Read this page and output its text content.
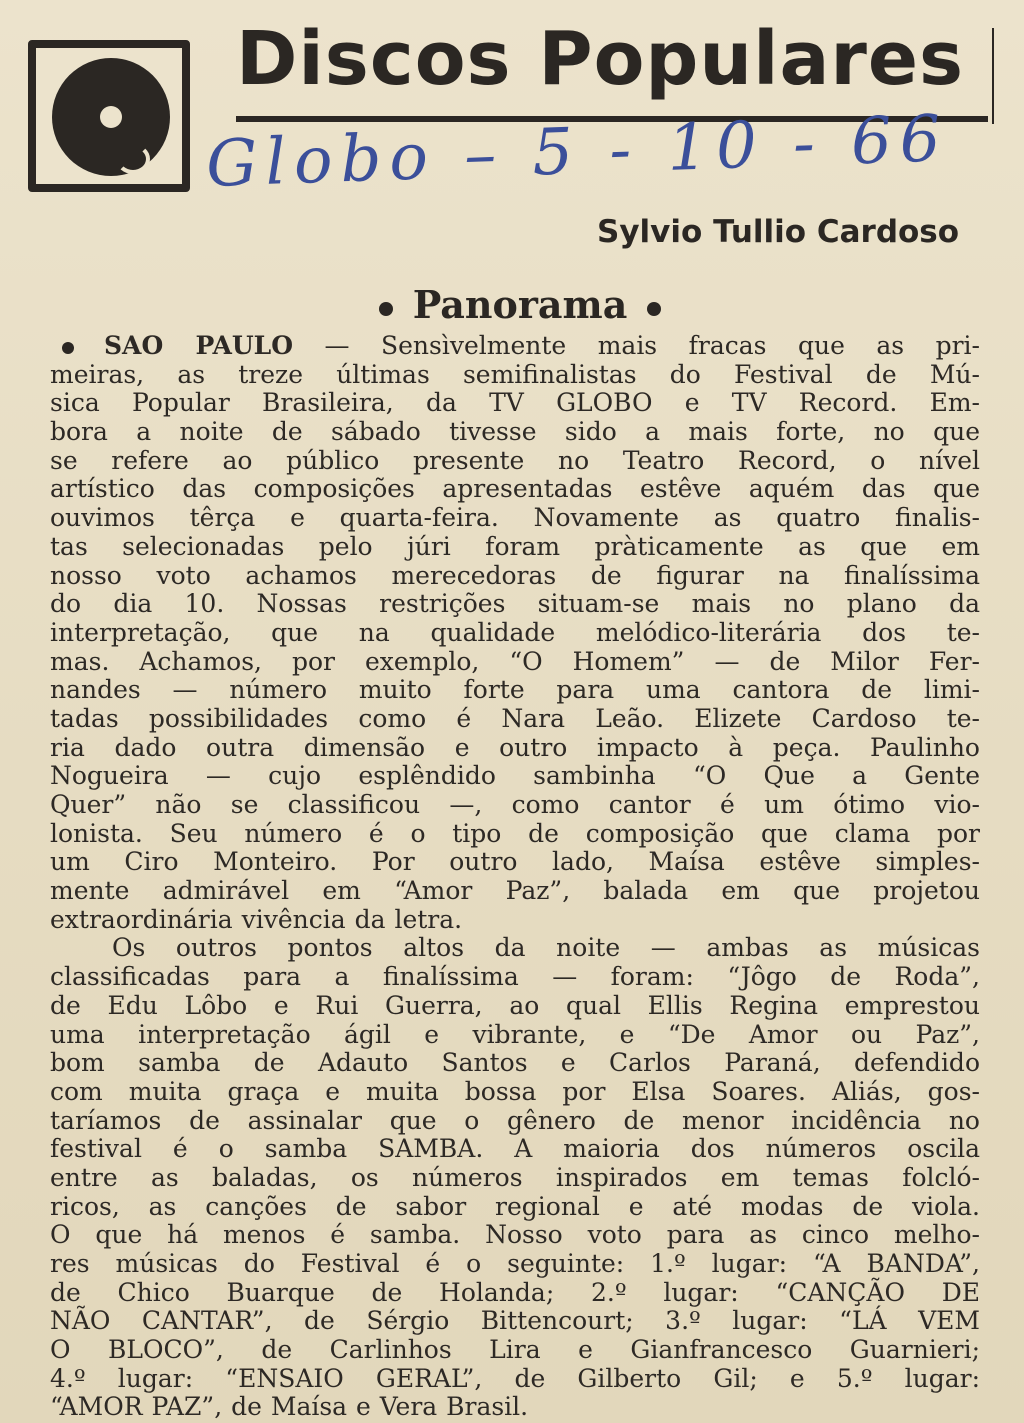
Discos Populares
Globo – 5 - 10 - 66
Sylvio Tullio Cardoso
Panorama
SAO PAULO — Sensìvelmente mais fracas que as pri-
meiras, as treze últimas semifinalistas do Festival de Mú-
sica Popular Brasileira, da TV GLOBO e TV Record. Em-
bora a noite de sábado tivesse sido a mais forte, no que
se refere ao público presente no Teatro Record, o nível
artístico das composições apresentadas estêve aquém das que
ouvimos têrça e quarta-feira. Novamente as quatro finalis-
tas selecionadas pelo júri foram pràticamente as que em
nosso voto achamos merecedoras de figurar na finalíssima
do dia 10. Nossas restrições situam-se mais no plano da
interpretação, que na qualidade melódico-literária dos te-
mas. Achamos, por exemplo, “O Homem” — de Milor Fer-
nandes — número muito forte para uma cantora de limi-
tadas possibilidades como é Nara Leão. Elizete Cardoso te-
ria dado outra dimensão e outro impacto à peça. Paulinho
Nogueira — cujo esplêndido sambinha “O Que a Gente
Quer” não se classificou —, como cantor é um ótimo vio-
lonista. Seu número é o tipo de composição que clama por
um Ciro Monteiro. Por outro lado, Maísa estêve simples-
mente admirável em “Amor Paz”, balada em que projetou
extraordinária vivência da letra.
Os outros pontos altos da noite — ambas as músicas
classificadas para a finalíssima — foram: “Jôgo de Roda”,
de Edu Lôbo e Rui Guerra, ao qual Ellis Regina emprestou
uma interpretação ágil e vibrante, e “De Amor ou Paz”,
bom samba de Adauto Santos e Carlos Paraná, defendido
com muita graça e muita bossa por Elsa Soares. Aliás, gos-
taríamos de assinalar que o gênero de menor incidência no
festival é o samba SAMBA. A maioria dos números oscila
entre as baladas, os números inspirados em temas folcló-
ricos, as canções de sabor regional e até modas de viola.
O que há menos é samba. Nosso voto para as cinco melho-
res músicas do Festival é o seguinte: 1.º lugar: “A BANDA”,
de Chico Buarque de Holanda; 2.º lugar: “CANÇÃO DE
NÃO CANTAR”, de Sérgio Bittencourt; 3.º lugar: “LÁ VEM
O BLOCO”, de Carlinhos Lira e Gianfrancesco Guarnieri;
4.º lugar: “ENSAIO GERAL”, de Gilberto Gil; e 5.º lugar:
“AMOR PAZ”, de Maísa e Vera Brasil.
